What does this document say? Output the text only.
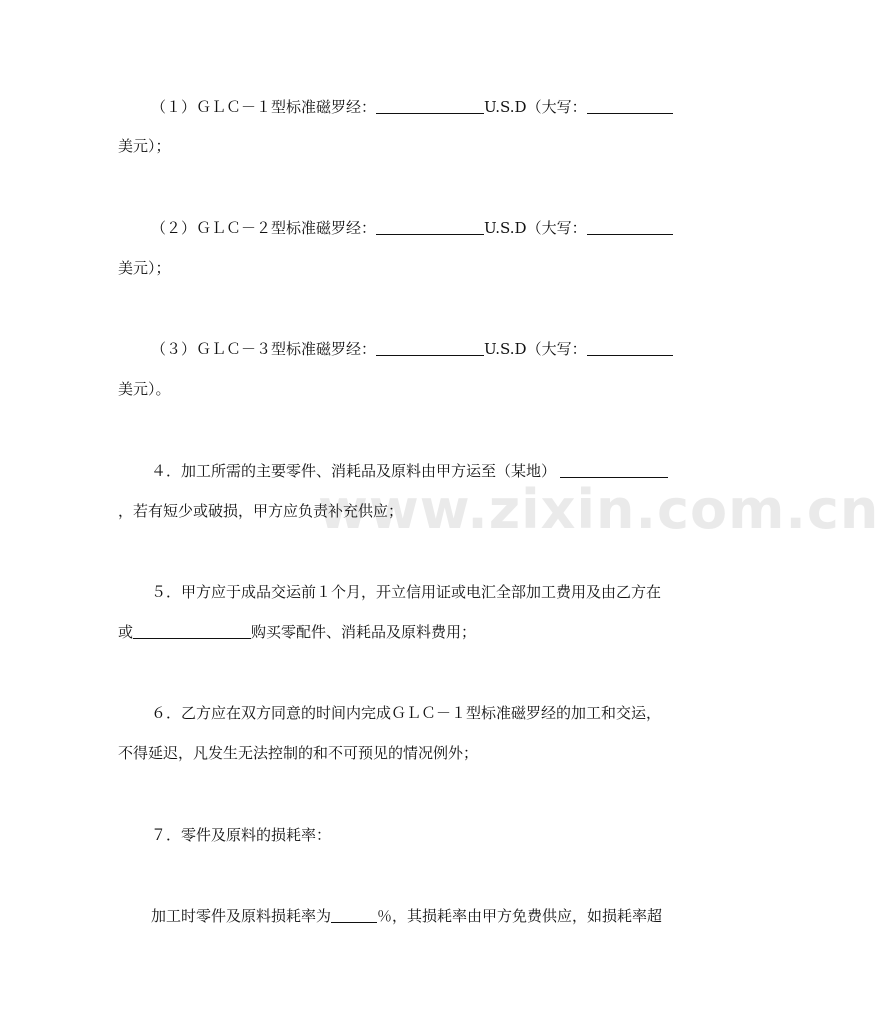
www.zixin.com.cn
（１）ＧＬＣ－１型标准磁罗经：	U.S.D（大写：
美元）；
（２）ＧＬＣ－２型标准磁罗经：	U.S.D（大写：
美元）；
（３）ＧＬＣ－３型标准磁罗经：	U.S.D（大写：
美元）。
４．加工所需的主要零件、消耗品及原料由甲方运至（某地）
，若有短少或破损，甲方应负责补充供应；
５．甲方应于成品交运前１个月，开立信用证或电汇全部加工费用及由乙方在
或	购买零配件、消耗品及原料费用；
６．乙方应在双方同意的时间内完成ＧＬＣ－１型标准磁罗经的加工和交运，
不得延迟，凡发生无法控制的和不可预见的情况例外；
７．零件及原料的损耗率：
加工时零件及原料损耗率为	％，其损耗率由甲方免费供应，如损耗率超
